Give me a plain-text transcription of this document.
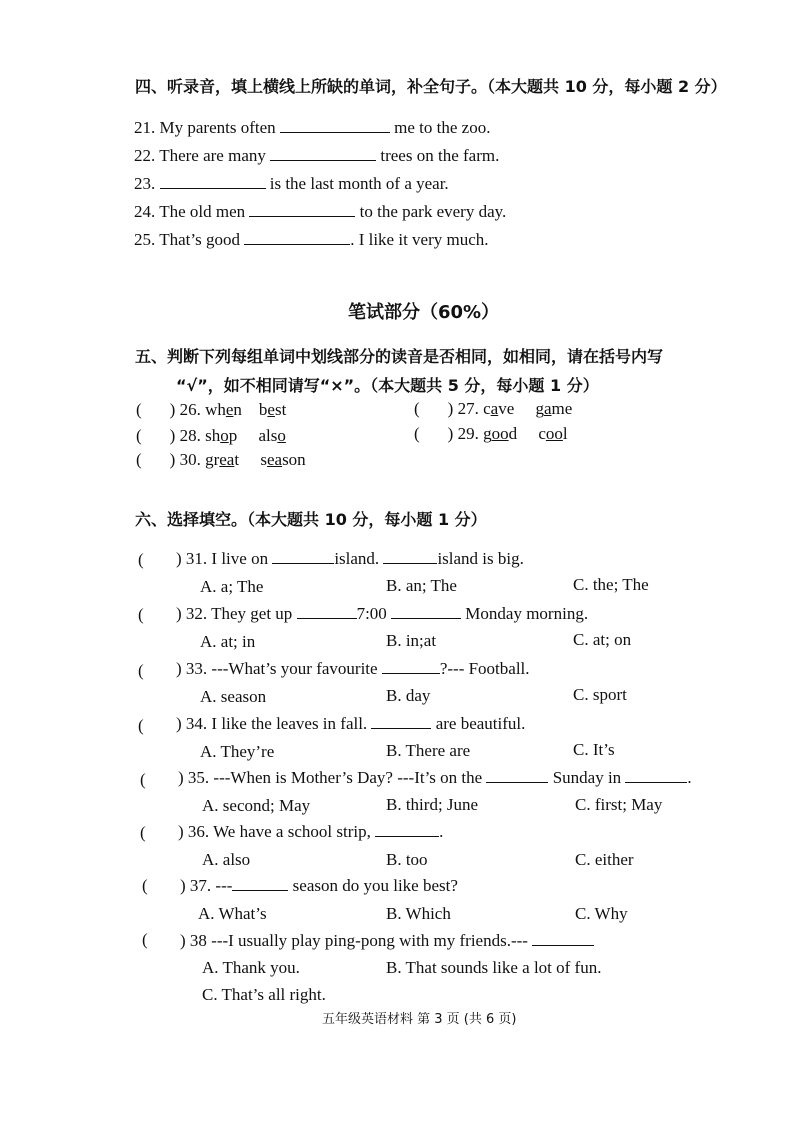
四、听录音，填上横线上所缺的单词，补全句子。（本大题共 10 分，每小题 2 分）
21. My parents often	me to the zoo.
22. There are many	trees on the farm.
23.	is the last month of a year.
24. The old men	to the park every day.
25. That’s good	. I like it very much.
笔试部分（60%）
五、判断下列每组单词中划线部分的读音是否相同，如相同，请在括号内写
“√”，如不相同请写“×”。（本大题共 5 分，每小题 1 分）
( ) 26. when best	( ) 27. cave game
( ) 28. shop also	( ) 29. good cool
( ) 30. great season
六、选择填空。（本大题共 10 分，每小题 1 分）
( ) 31. I live on	island.	island is big.
A. a; The	B. an; The	C. the; The
( ) 32. They get up	7:00	Monday morning.
A. at; in	B. in;at	C. at; on
( ) 33. ---What’s your favourite	?--- Football.
A. season	B. day	C. sport
( ) 34. I like the leaves in fall.	are beautiful.
A. They’re	B. There are	C. It’s
( ) 35. ---When is Mother’s Day? ---It’s on the	Sunday in	.
A. second; May	B. third; June	C. first; May
( ) 36. We have a school strip,	.
A. also	B. too	C. either
( ) 37. ---	season do you like best?
A. What’s	B. Which	C. Why
( ) 38 ---I usually play ping-pong with my friends.---
A. Thank you.	B. That sounds like a lot of fun.
C. That’s all right.
五年级英语材料 第 3 页 (共 6 页)
